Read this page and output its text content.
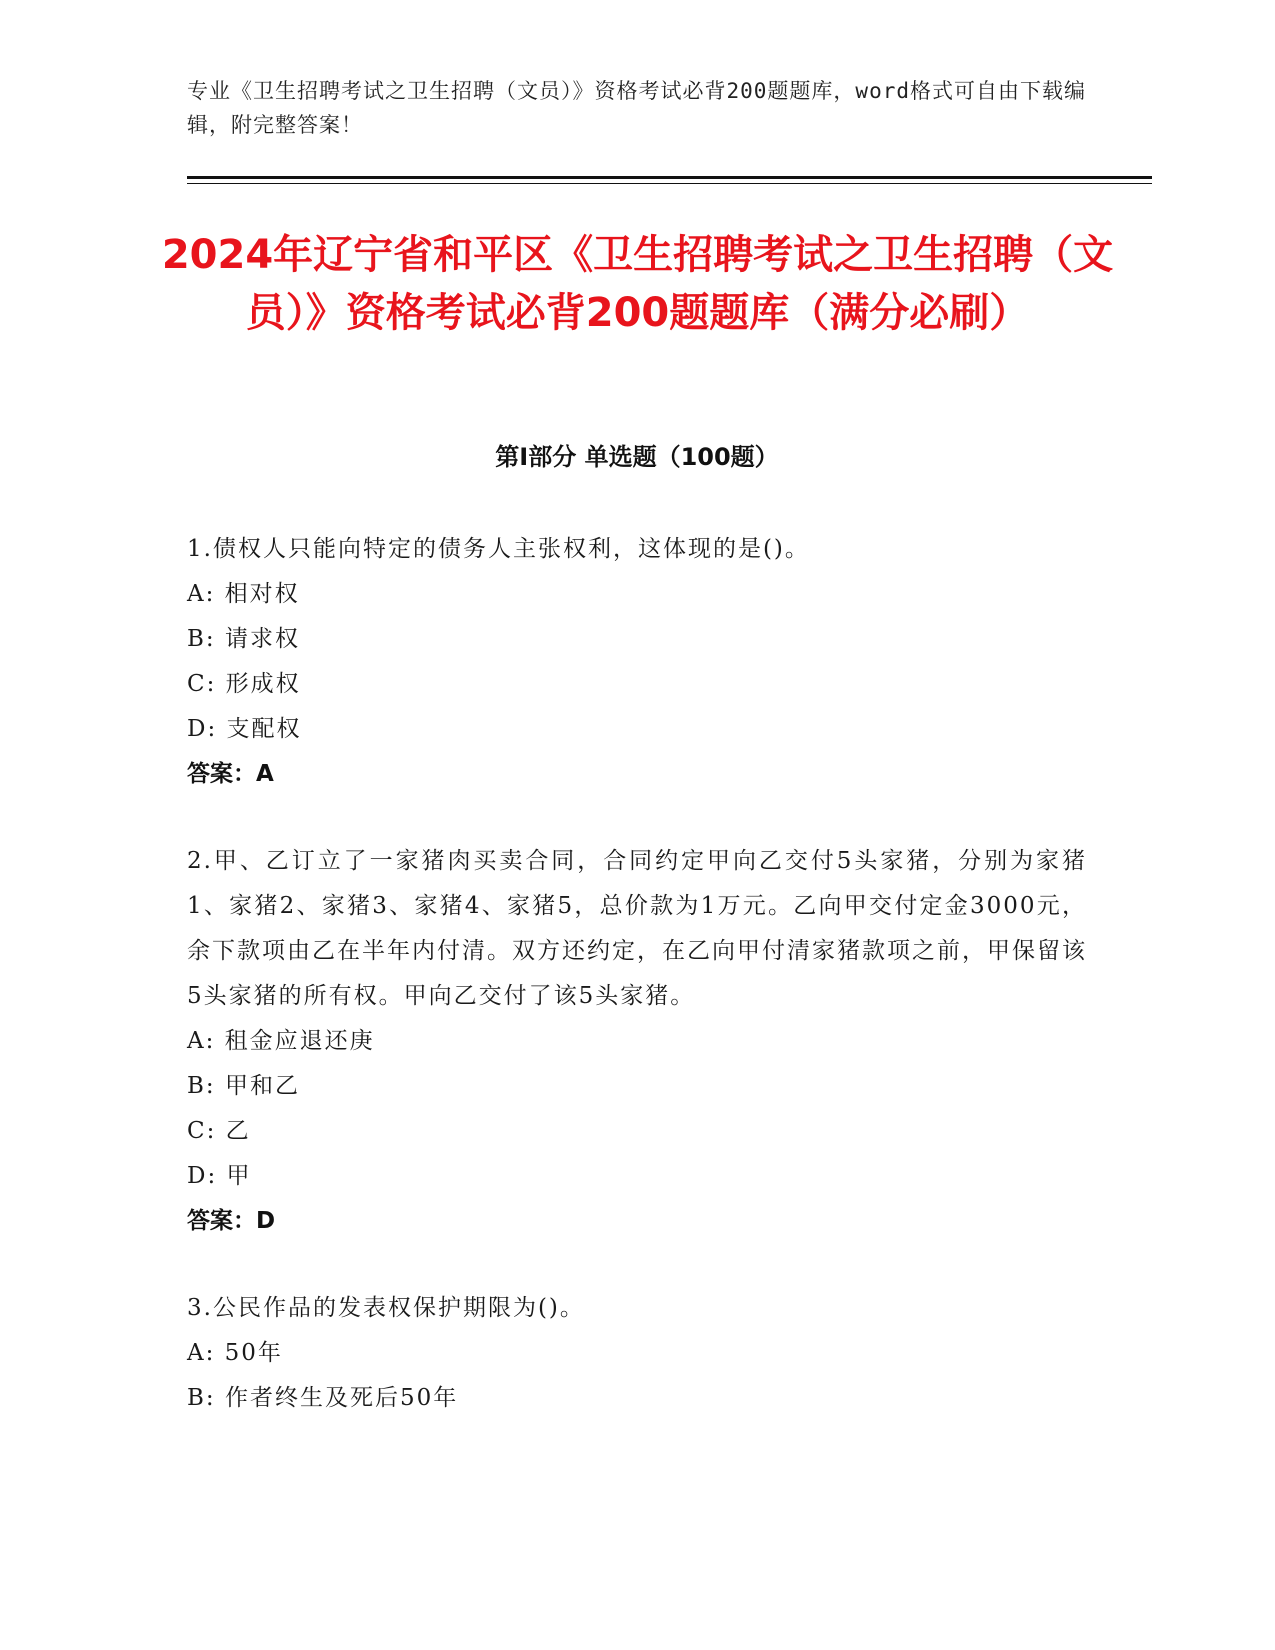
专业《卫生招聘考试之卫生招聘（文员）》资格考试必背200题题库，word格式可自由下载编辑，附完整答案！
2024年辽宁省和平区《卫生招聘考试之卫生招聘（文员）》资格考试必背200题题库（满分必刷）
第Ⅰ部分 单选题（100题）
1.债权人只能向特定的债务人主张权利，这体现的是()。
A: 相对权
B: 请求权
C: 形成权
D: 支配权
答案：A
2.甲、乙订立了一家猪肉买卖合同，合同约定甲向乙交付5头家猪，分别为家猪1、家猪2、家猪3、家猪4、家猪5，总价款为1万元。乙向甲交付定金3000元，余下款项由乙在半年内付清。双方还约定，在乙向甲付清家猪款项之前，甲保留该5头家猪的所有权。甲向乙交付了该5头家猪。
A: 租金应退还庚
B: 甲和乙
C: 乙
D: 甲
答案：D
3.公民作品的发表权保护期限为()。
A: 50年
B: 作者终生及死后50年
